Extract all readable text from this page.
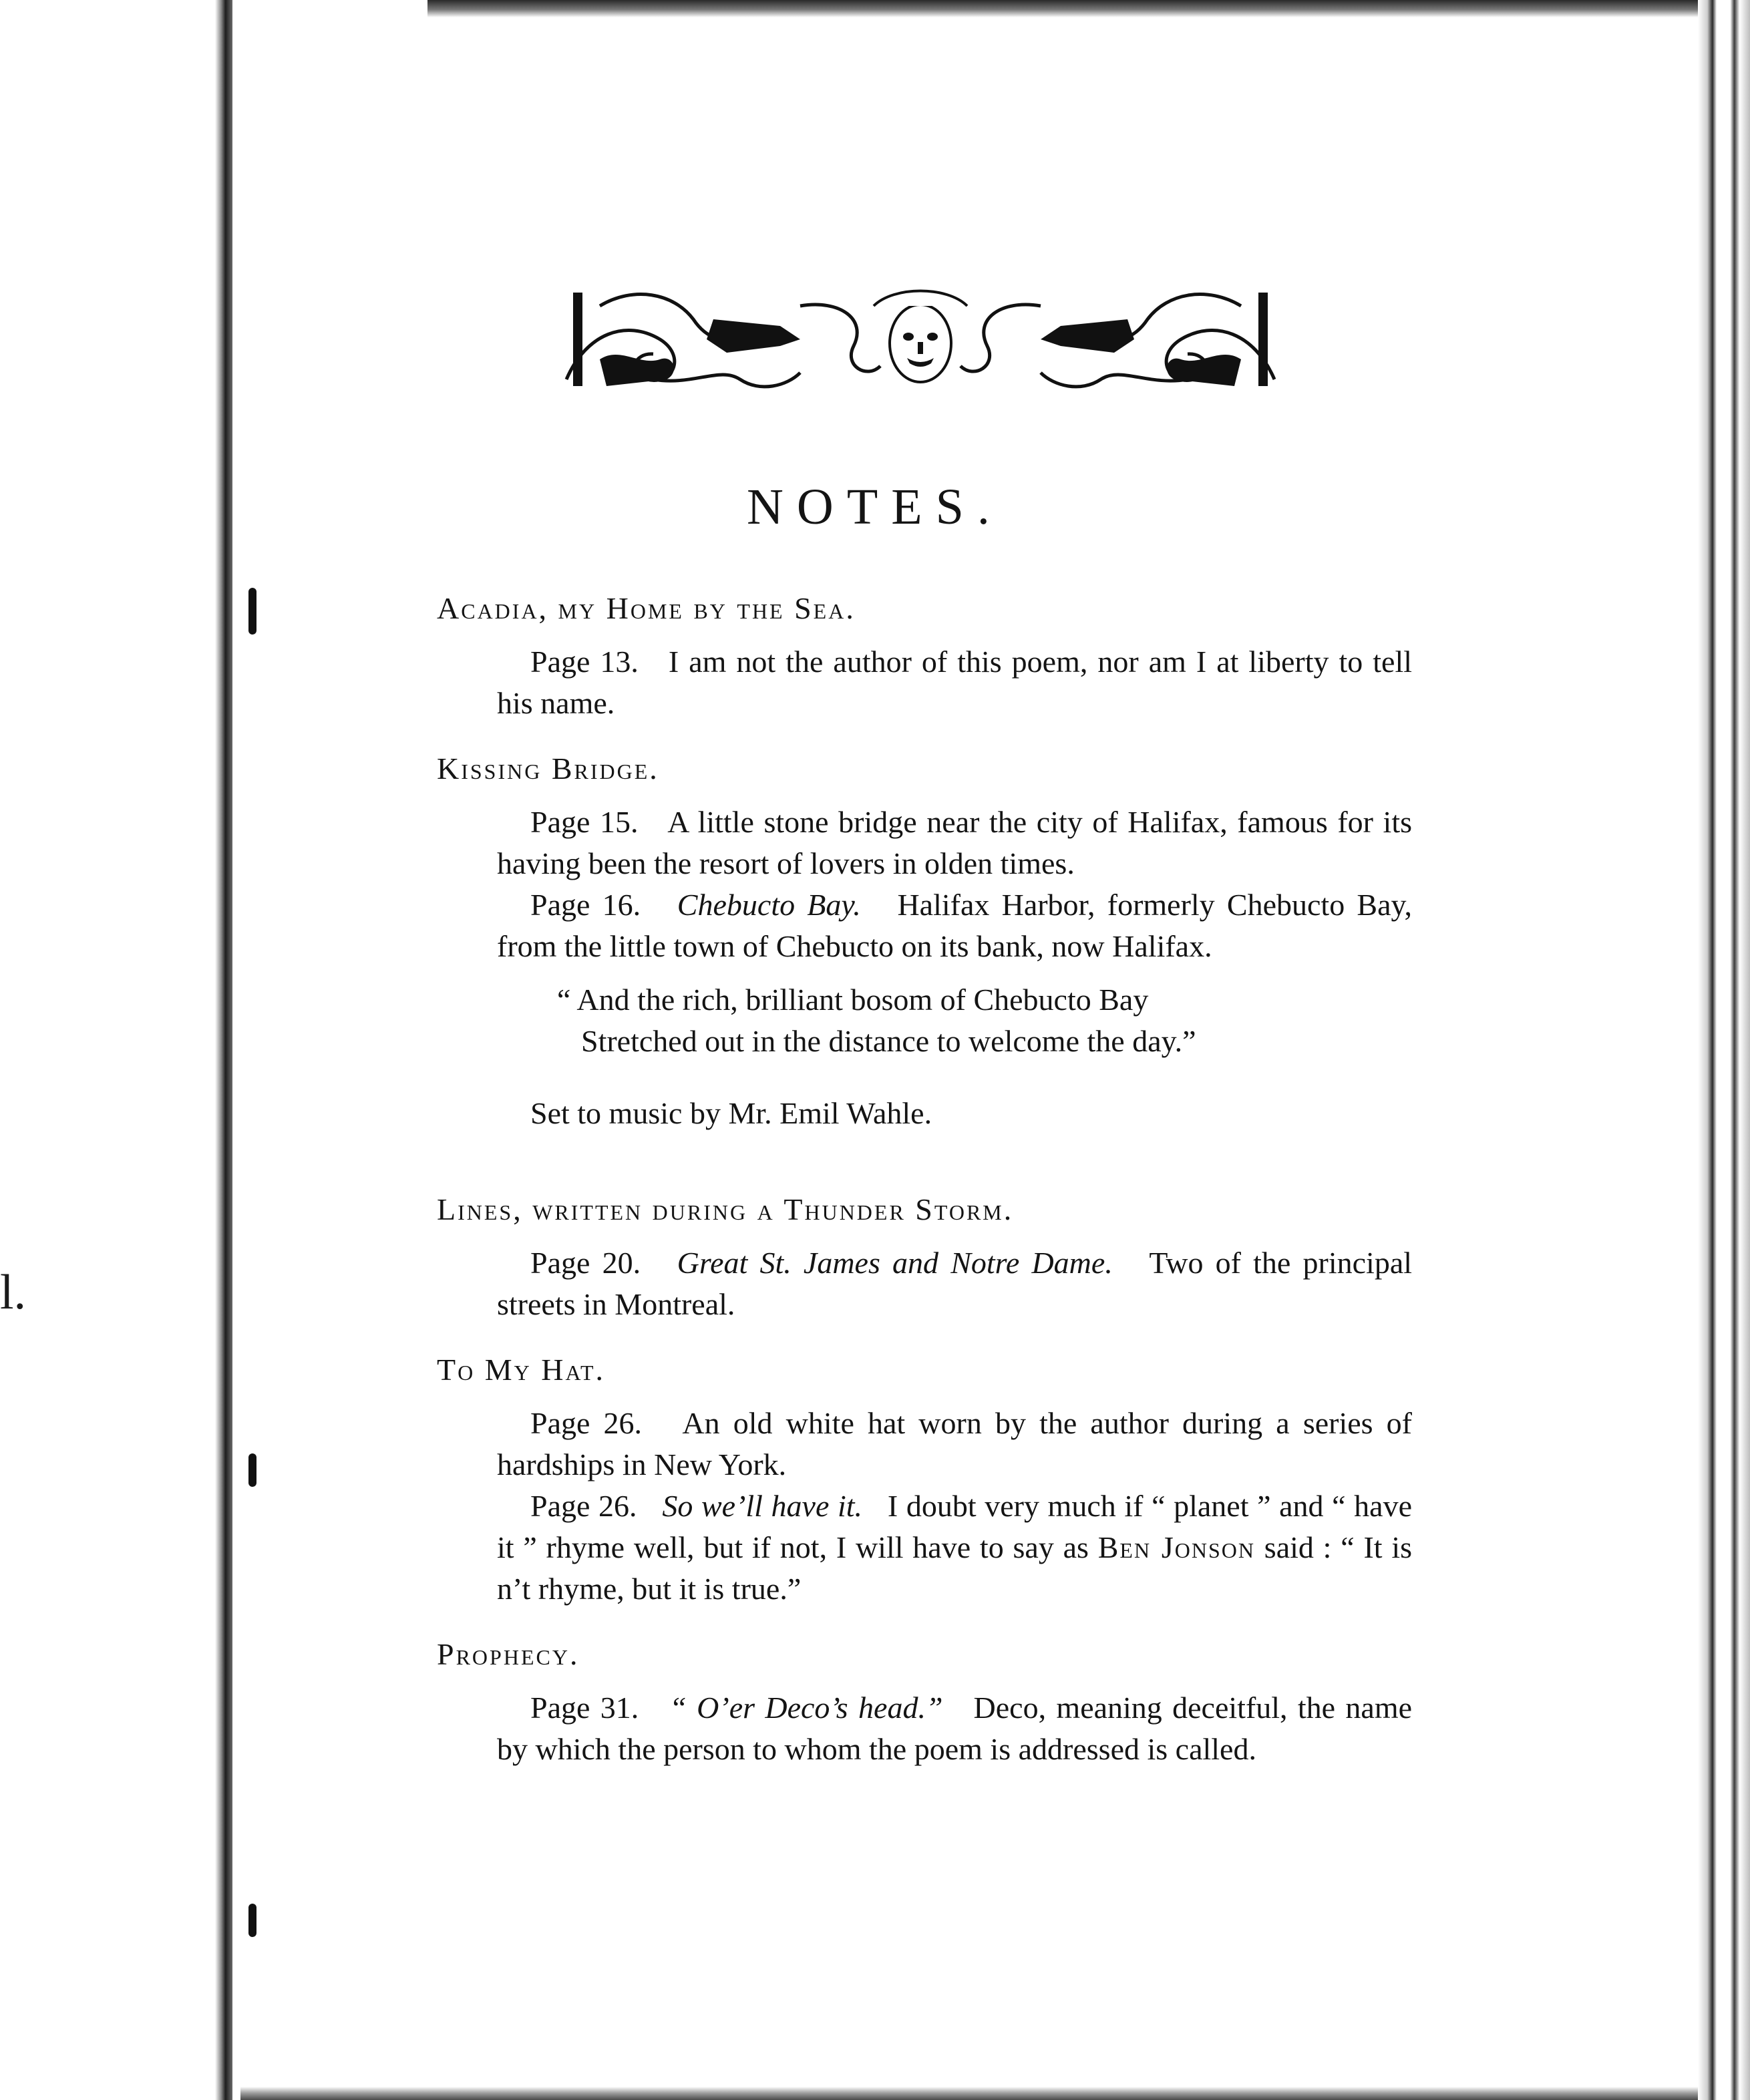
l.
NOTES.
Acadia, my Home by the Sea.

Page 13. I am not the author of this poem, nor am I at liberty to tell his name.

Kissing Bridge.

Page 15. A little stone bridge near the city of Halifax, famous for its having been the resort of lovers in olden times.

Page 16. Chebucto Bay. Halifax Harbor, formerly Chebucto Bay, from the little town of Chebucto on its bank, now Halifax.

“ And the rich, brilliant bosom of Chebucto Bay
Stretched out in the distance to welcome the day.”

Set to music by Mr. Emil Wahle.

Lines, written during a Thunder Storm.

Page 20. Great St. James and Notre Dame. Two of the principal streets in Montreal.

To My Hat.

Page 26. An old white hat worn by the author during a series of hardships in New York.

Page 26. So we’ll have it. I doubt very much if “ planet ” and “ have it ” rhyme well, but if not, I will have to say as Ben Jonson said : “ It is n’t rhyme, but it is true.”

Prophecy.

Page 31. “ O’er Deco’s head.” Deco, meaning deceitful, the name by which the person to whom the poem is addressed is called.
